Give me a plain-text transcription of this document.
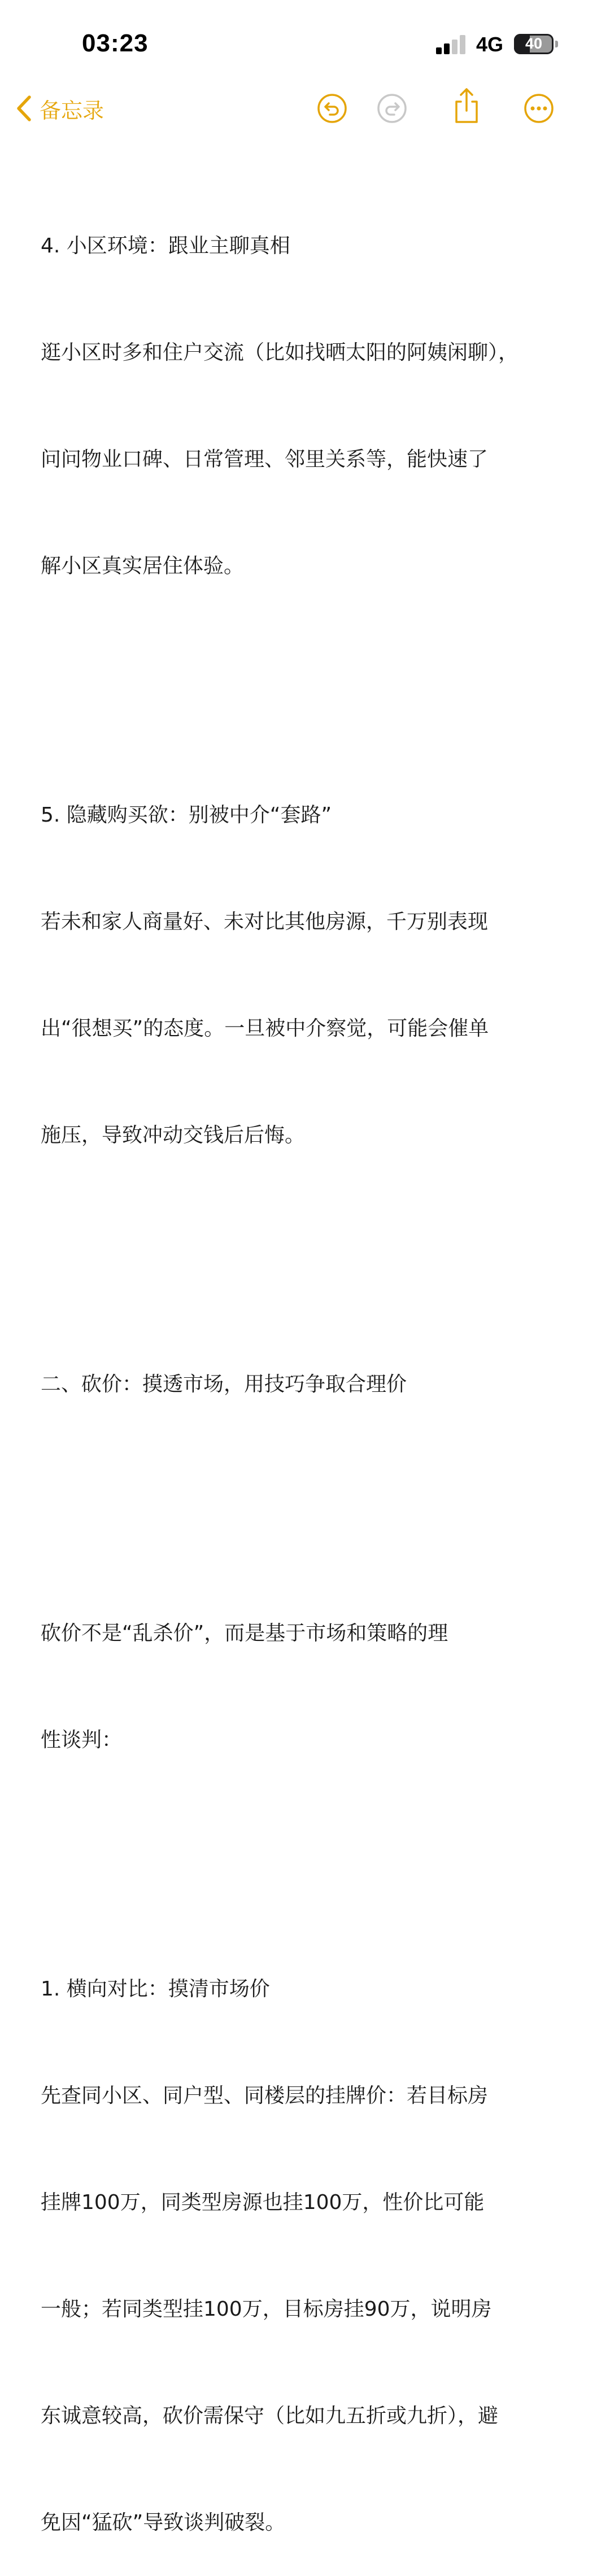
03:23	4G	40
备忘录

4. 小区环境：跟业主聊真相

逛小区时多和住户交流（比如找晒太阳的阿姨闲聊），

问问物业口碑、日常管理、邻里关系等，能快速了

解小区真实居住体验。

5. 隐藏购买欲：别被中介“套路”

若未和家人商量好、未对比其他房源，千万别表现

出“很想买”的态度。一旦被中介察觉，可能会催单

施压，导致冲动交钱后后悔。

二、砍价：摸透市场，用技巧争取合理价

砍价不是“乱杀价”，而是基于市场和策略的理

性谈判：

1. 横向对比：摸清市场价

先查同小区、同户型、同楼层的挂牌价：若目标房

挂牌100万，同类型房源也挂100万，性价比可能

一般；若同类型挂100万，目标房挂90万，说明房

东诚意较高，砍价需保守（比如九五折或九折），避

免因“猛砍”导致谈判破裂。
